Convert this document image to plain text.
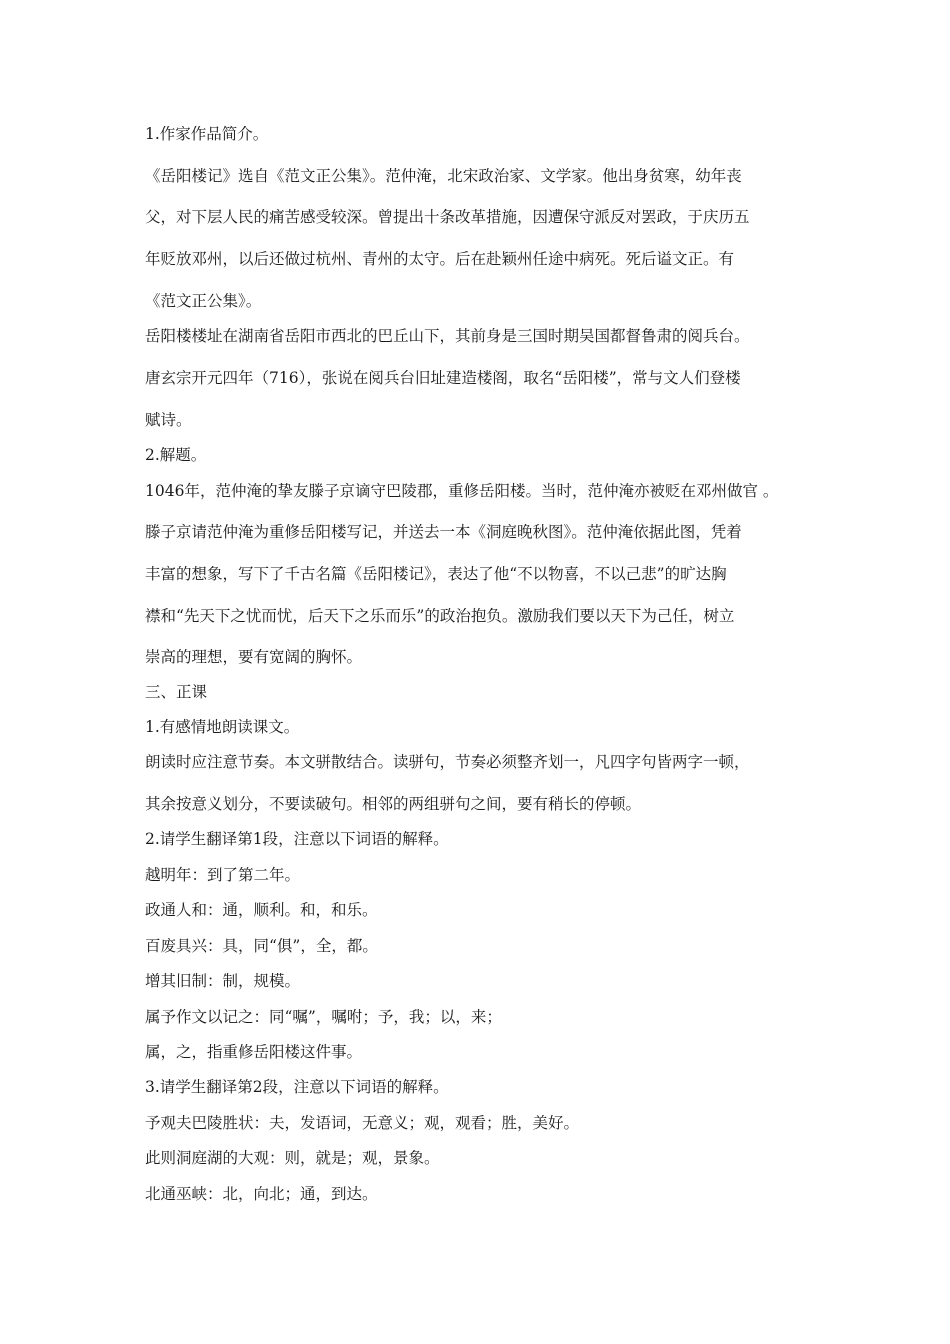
1.作家作品简介。
《岳阳楼记》选自《范文正公集》。范仲淹，北宋政治家、文学家。他出身贫寒，幼年丧
父，对下层人民的痛苦感受较深。曾提出十条改革措施，因遭保守派反对罢政，于庆历五
年贬放邓州，以后还做过杭州、青州的太守。后在赴颖州任途中病死。死后谥文正。有
《范文正公集》。
岳阳楼楼址在湖南省岳阳市西北的巴丘山下，其前身是三国时期吴国都督鲁肃的阅兵台。
唐玄宗开元四年（716），张说在阅兵台旧址建造楼阁，取名“岳阳楼”，常与文人们登楼
赋诗。
2.解题。
1046年，范仲淹的挚友滕子京谪守巴陵郡，重修岳阳楼。当时，范仲淹亦被贬在邓州做官 。
滕子京请范仲淹为重修岳阳楼写记，并送去一本《洞庭晚秋图》。范仲淹依据此图，凭着
丰富的想象，写下了千古名篇《岳阳楼记》，表达了他“不以物喜，不以己悲”的旷达胸
襟和“先天下之忧而忧，后天下之乐而乐”的政治抱负。激励我们要以天下为己任，树立
崇高的理想，要有宽阔的胸怀。
三、正课
1.有感情地朗读课文。
朗读时应注意节奏。本文骈散结合。读骈句，节奏必须整齐划一，凡四字句皆两字一顿，
其余按意义划分，不要读破句。相邻的两组骈句之间，要有稍长的停顿。
2.请学生翻译第1段，注意以下词语的解释。
越明年：到了第二年。
政通人和：通，顺利。和，和乐。
百废具兴：具，同“俱”，全，都。
增其旧制：制，规模。
属予作文以记之：同“嘱”，嘱咐；予，我；以，来；
属，之，指重修岳阳楼这件事。
3.请学生翻译第2段，注意以下词语的解释。
予观夫巴陵胜状：夫，发语词，无意义；观，观看；胜，美好。
此则洞庭湖的大观：则，就是；观，景象。
北通巫峡：北，向北；通，到达。
